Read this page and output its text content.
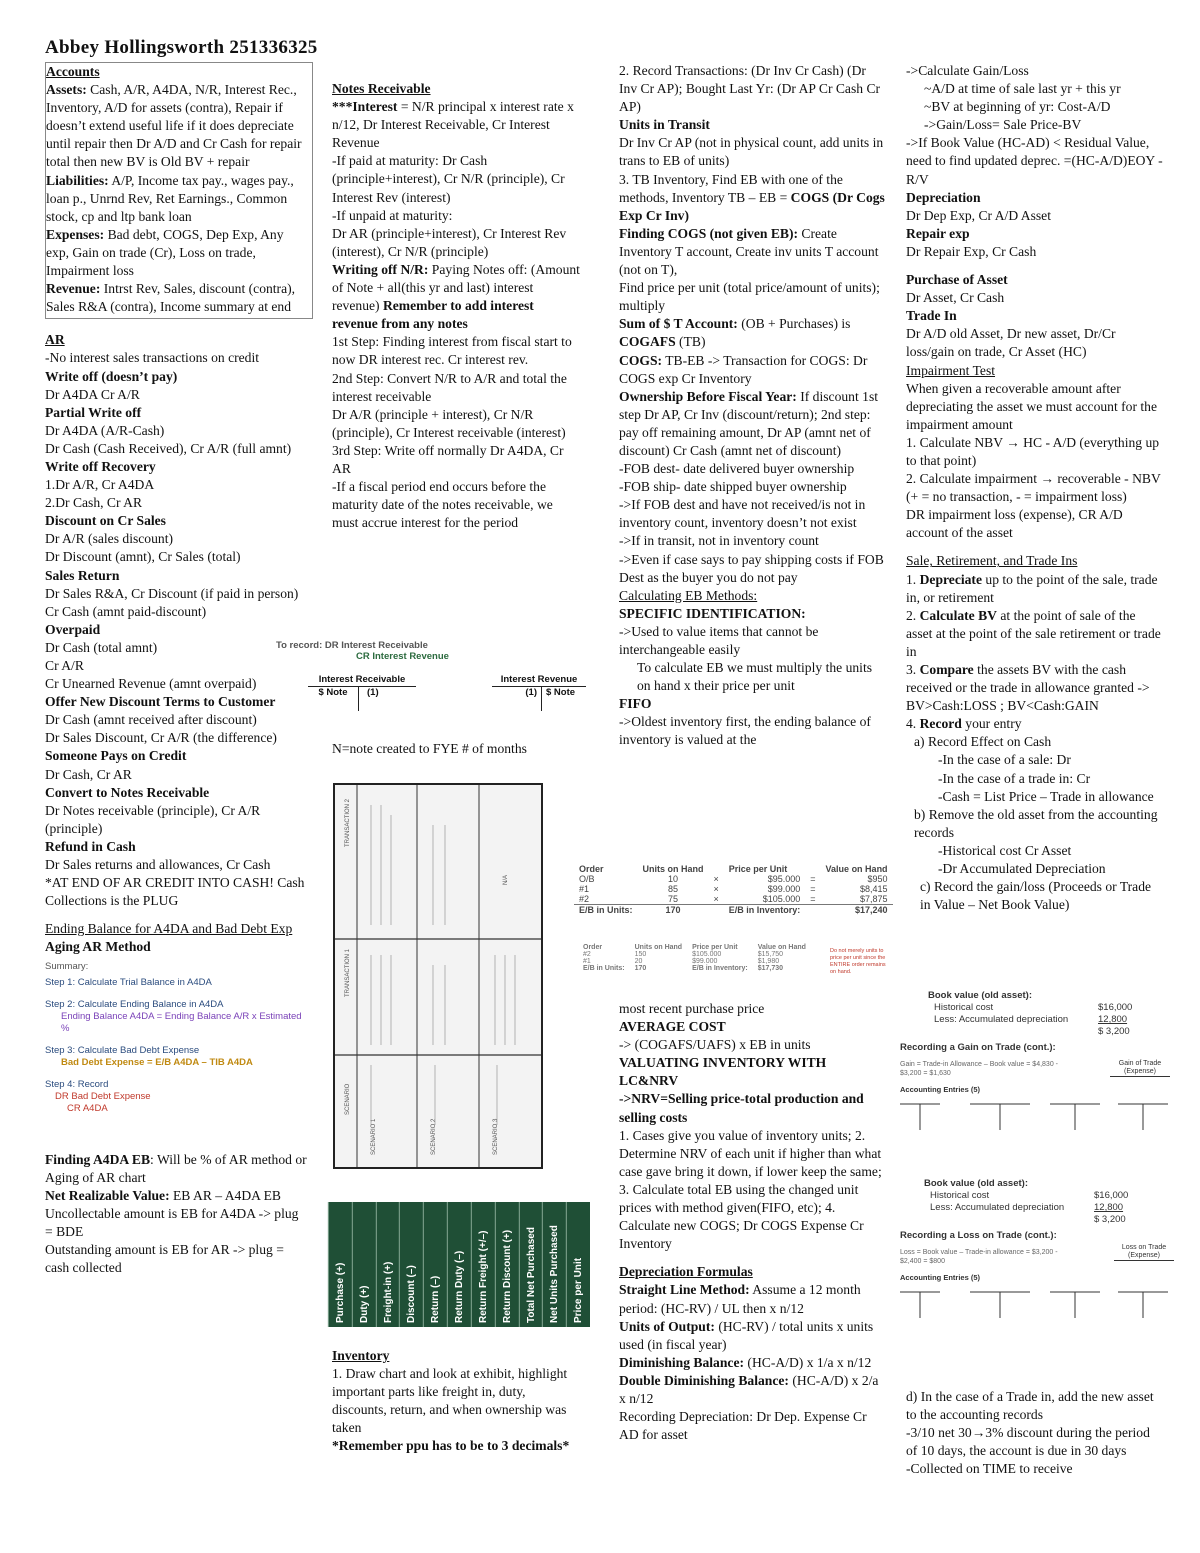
Abbey Hollingsworth 251336325

Accounts

Assets: Cash, A/R, A4DA, N/R, Interest Rec., Inventory, A/D for assets (contra), Repair if doesn’t extend useful life if it does depreciate until repair then Dr A/D and Cr Cash for repair total then new BV is Old BV + repair

Liabilities: A/P, Income tax pay., wages pay., loan p., Unrnd Rev, Ret Earnings., Common stock, cp and ltp bank loan

Expenses: Bad debt, COGS, Dep Exp, Any exp, Gain on trade (Cr), Loss on trade, Impairment loss

Revenue: Intrst Rev, Sales, discount (contra), Sales R&A (contra), Income summary at end

AR

-No interest sales transactions on credit

Write off (doesn’t pay)

Dr A4DA Cr A/R

Partial Write off

Dr A4DA (A/R-Cash)

Dr Cash (Cash Received), Cr A/R (full amnt)

Write off Recovery

1.Dr A/R, Cr A4DA

2.Dr Cash, Cr AR

Discount on Cr Sales

Dr A/R (sales discount)

Dr Discount (amnt), Cr Sales (total)

Sales Return

Dr Sales R&A, Cr Discount (if paid in person)

Cr Cash (amnt paid-discount)

Overpaid

Dr Cash (total amnt)

Cr A/R

Cr Unearned Revenue (amnt overpaid)

Offer New Discount Terms to Customer

Dr Cash (amnt received after discount)

Dr Sales Discount, Cr A/R (the difference)

Someone Pays on Credit

Dr Cash, Cr AR

Convert to Notes Receivable

Dr Notes receivable (principle), Cr A/R (principle)

Refund in Cash

Dr Sales returns and allowances, Cr Cash

*AT END OF AR CREDIT INTO CASH! Cash Collections is the PLUG

Ending Balance for A4DA and Bad Debt Exp

Aging AR Method

Summary:
Step 1: Calculate Trial Balance in A4DA
Step 2: Calculate Ending Balance in A4DA
Ending Balance A4DA = Ending Balance A/R x Estimated %
Step 3: Calculate Bad Debt Expense
Bad Debt Expense = E/B A4DA – TIB A4DA
Step 4: Record
DR Bad Debt Expense
CR A4DA

Finding A4DA EB: Will be % of AR method or Aging of AR chart

Net Realizable Value: EB AR – A4DA EB

Uncollectable amount is EB for A4DA -> plug = BDE

Outstanding amount is EB for AR -> plug = cash collected

Notes Receivable

***Interest = N/R principal x interest rate x n/12, Dr Interest Receivable, Cr Interest Revenue

-If paid at maturity: Dr Cash (principle+interest), Cr N/R (principle), Cr Interest Rev (interest)

-If unpaid at maturity:

Dr AR (principle+interest), Cr Interest Rev (interest), Cr N/R (principle)

Writing off N/R: Paying Notes off: (Amount of Note + all(this yr and last) interest revenue) Remember to add interest revenue from any notes

1st Step: Finding interest from fiscal start to now DR interest rec. Cr interest rev.

2nd Step: Convert N/R to A/R and total the interest receivable

Dr A/R (principle + interest), Cr N/R (principle), Cr Interest receivable (interest)

3rd Step: Write off normally Dr A4DA, Cr AR

-If a fiscal period end occurs before the maturity date of the notes receivable, we must accrue interest for the period

To record: DR Interest Receivable
CR Interest Revenue
Interest Receivable
$ Note	(1)
Interest Revenue
(1) $ Note
N=note created to FYE # of months
TRANSACTION 2
TRANSACTION 1
SCENARIO
SCENARIO 1	SCENARIO 2	SCENARIO 3
N/A
Purchase (+)	Duty (+)	Freight-in (+)	Discount (–)	Return (–)	Return Duty (–)	Return Freight (+/–)	Return Discount (+)	Total Net Purchased	Net Units Purchased	Price per Unit

Inventory

1. Draw chart and look at exhibit, highlight important parts like freight in, duty, discounts, return, and when ownership was taken

*Remember ppu has to be to 3 decimals*

2. Record Transactions: (Dr Inv Cr Cash) (Dr Inv Cr AP); Bought Last Yr: (Dr AP Cr Cash Cr AP)

Units in Transit

Dr Inv Cr AP (not in physical count, add units in trans to EB of units)

3. TB Inventory, Find EB with one of the methods, Inventory TB – EB = COGS (Dr Cogs Exp Cr Inv)

Finding COGS (not given EB): Create Inventory T account, Create inv units T account (not on T),

Find price per unit (total price/amount of units); multiply

Sum of $ T Account: (OB + Purchases) is COGAFS (TB)

COGS: TB-EB -> Transaction for COGS: Dr COGS exp Cr Inventory

Ownership Before Fiscal Year: If discount 1st step Dr AP, Cr Inv (discount/return); 2nd step: pay off remaining amount, Dr AP (amnt net of discount) Cr Cash (amnt net of discount)

-FOB dest- date delivered buyer ownership

-FOB ship- date shipped buyer ownership

->If FOB dest and have not received/is not in inventory count, inventory doesn’t not exist

->If in transit, not in inventory count

->Even if case says to pay shipping costs if FOB Dest as the buyer you do not pay

Calculating EB Methods:

SPECIFIC IDENTIFICATION:

->Used to value items that cannot be interchangeable easily

To calculate EB we must multiply the units on hand x their price per unit

FIFO

->Oldest inventory first, the ending balance of inventory is valued at the

Order	Units on Hand		Price per Unit		Value on Hand
O/B	10	×	$95.000	=	$950
#1	85	×	$99.000	=	$8,415
#2	75	×	$105.000	=	$7,875
E/B in Units:	170		E/B in Inventory:		$17,240
Order	Units on Hand	Price per Unit	Value on Hand
#2	150	$105.000	$15,750
#1	20	$99.000	$1,980
E/B in Units:	170	E/B in Inventory:	$17,730
Do not merely units to price per unit since the ENTIRE order remains on hand.

most recent purchase price

AVERAGE COST

-> (COGAFS/UAFS) x EB in units

VALUATING INVENTORY WITH LC&NRV

->NRV=Selling price-total production and selling costs

1. Cases give you value of inventory units; 2. Determine NRV of each unit if higher than what case gave bring it down, if lower keep the same; 3. Calculate total EB using the changed unit prices with method given(FIFO, etc); 4. Calculate new COGS; Dr COGS Expense Cr Inventory

Depreciation Formulas

Straight Line Method: Assume a 12 month period: (HC-RV) / UL then x n/12

Units of Output: (HC-RV) / total units x units used (in fiscal year)

Diminishing Balance: (HC-A/D) x 1/a x n/12

Double Diminishing Balance: (HC-A/D) x 2/a x n/12

Recording Depreciation: Dr Dep. Expense Cr AD for asset

->Calculate Gain/Loss

~A/D at time of sale last yr + this yr

~BV at beginning of yr: Cost-A/D

->Gain/Loss= Sale Price-BV

->If Book Value (HC-AD) < Residual Value, need to find updated deprec. =(HC-A/D)EOY -R/V

Depreciation

Dr Dep Exp, Cr A/D Asset

Repair exp

Dr Repair Exp, Cr Cash

Purchase of Asset

Dr Asset, Cr Cash

Trade In

Dr A/D old Asset, Dr new asset, Dr/Cr loss/gain on trade, Cr Asset (HC)

Impairment Test

When given a recoverable amount after depreciating the asset we must account for the impairment amount

1. Calculate NBV → HC - A/D (everything up to that point)

2. Calculate impairment → recoverable - NBV (+ = no transaction, - = impairment loss)

DR impairment loss (expense), CR A/D account of the asset

Sale, Retirement, and Trade Ins

1. Depreciate up to the point of the sale, trade in, or retirement

2. Calculate BV at the point of sale of the asset at the point of the sale retirement or trade in

3. Compare the assets BV with the cash received or the trade in allowance granted -> BV>Cash:LOSS ; BV<Cash:GAIN

4. Record your entry

a) Record Effect on Cash

-In the case of a sale: Dr

-In the case of a trade in: Cr

-Cash = List Price – Trade in allowance

b) Remove the old asset from the accounting records

-Historical cost Cr Asset

-Dr Accumulated Depreciation

c) Record the gain/loss (Proceeds or Trade in Value – Net Book Value)

Book value (old asset):
Historical cost	$16,000
Less: Accumulated depreciation	12,800
$ 3,200
Recording a Gain on Trade (cont.):
Gain = Trade-in Allowance – Book value = $4,830 - $3,200 = $1,630
Gain of Trade (Expense)
Accounting Entries (5)
Book value (old asset):
Historical cost	$16,000
Less: Accumulated depreciation	12,800
$ 3,200
Recording a Loss on Trade (cont.):
Loss = Book value – Trade-in allowance = $3,200 - $2,400 = $800
Loss on Trade (Expense)
Accounting Entries (5)

d) In the case of a Trade in, add the new asset to the accounting records

-3/10 net 30→3% discount during the period of 10 days, the account is due in 30 days

-Collected on TIME to receive
